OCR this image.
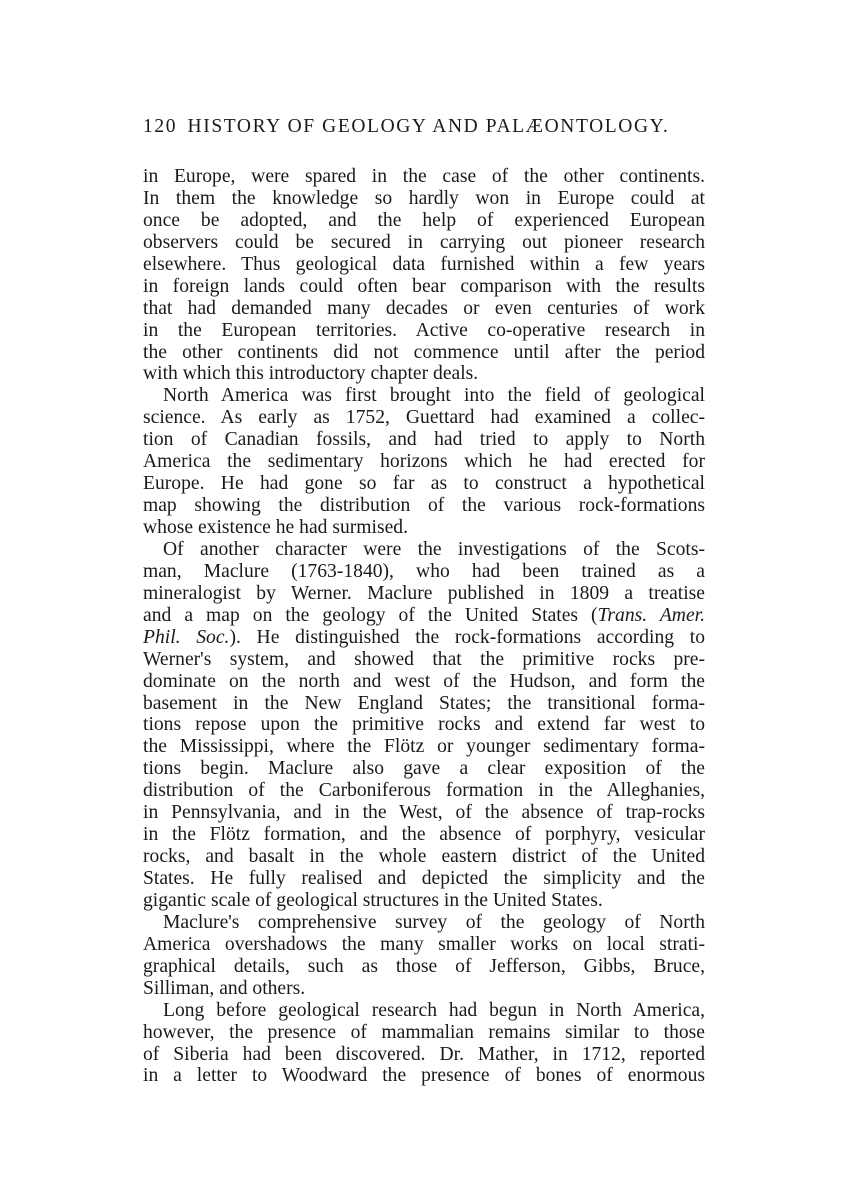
120 HISTORY OF GEOLOGY AND PALÆONTOLOGY.
in Europe, were spared in the case of the other continents.
In them the knowledge so hardly won in Europe could at
once be adopted, and the help of experienced European
observers could be secured in carrying out pioneer research
elsewhere. Thus geological data furnished within a few years
in foreign lands could often bear comparison with the results
that had demanded many decades or even centuries of work
in the European territories. Active co-operative research in
the other continents did not commence until after the period
with which this introductory chapter deals.
North America was first brought into the field of geological
science. As early as 1752, Guettard had examined a collec-
tion of Canadian fossils, and had tried to apply to North
America the sedimentary horizons which he had erected for
Europe. He had gone so far as to construct a hypothetical
map showing the distribution of the various rock-formations
whose existence he had surmised.
Of another character were the investigations of the Scots-
man, Maclure (1763-1840), who had been trained as a
mineralogist by Werner. Maclure published in 1809 a treatise
and a map on the geology of the United States (Trans. Amer.
Phil. Soc.). He distinguished the rock-formations according to
Werner's system, and showed that the primitive rocks pre-
dominate on the north and west of the Hudson, and form the
basement in the New England States; the transitional forma-
tions repose upon the primitive rocks and extend far west to
the Mississippi, where the Flötz or younger sedimentary forma-
tions begin. Maclure also gave a clear exposition of the
distribution of the Carboniferous formation in the Alleghanies,
in Pennsylvania, and in the West, of the absence of trap-rocks
in the Flötz formation, and the absence of porphyry, vesicular
rocks, and basalt in the whole eastern district of the United
States. He fully realised and depicted the simplicity and the
gigantic scale of geological structures in the United States.
Maclure's comprehensive survey of the geology of North
America overshadows the many smaller works on local strati-
graphical details, such as those of Jefferson, Gibbs, Bruce,
Silliman, and others.
Long before geological research had begun in North America,
however, the presence of mammalian remains similar to those
of Siberia had been discovered. Dr. Mather, in 1712, reported
in a letter to Woodward the presence of bones of enormous
